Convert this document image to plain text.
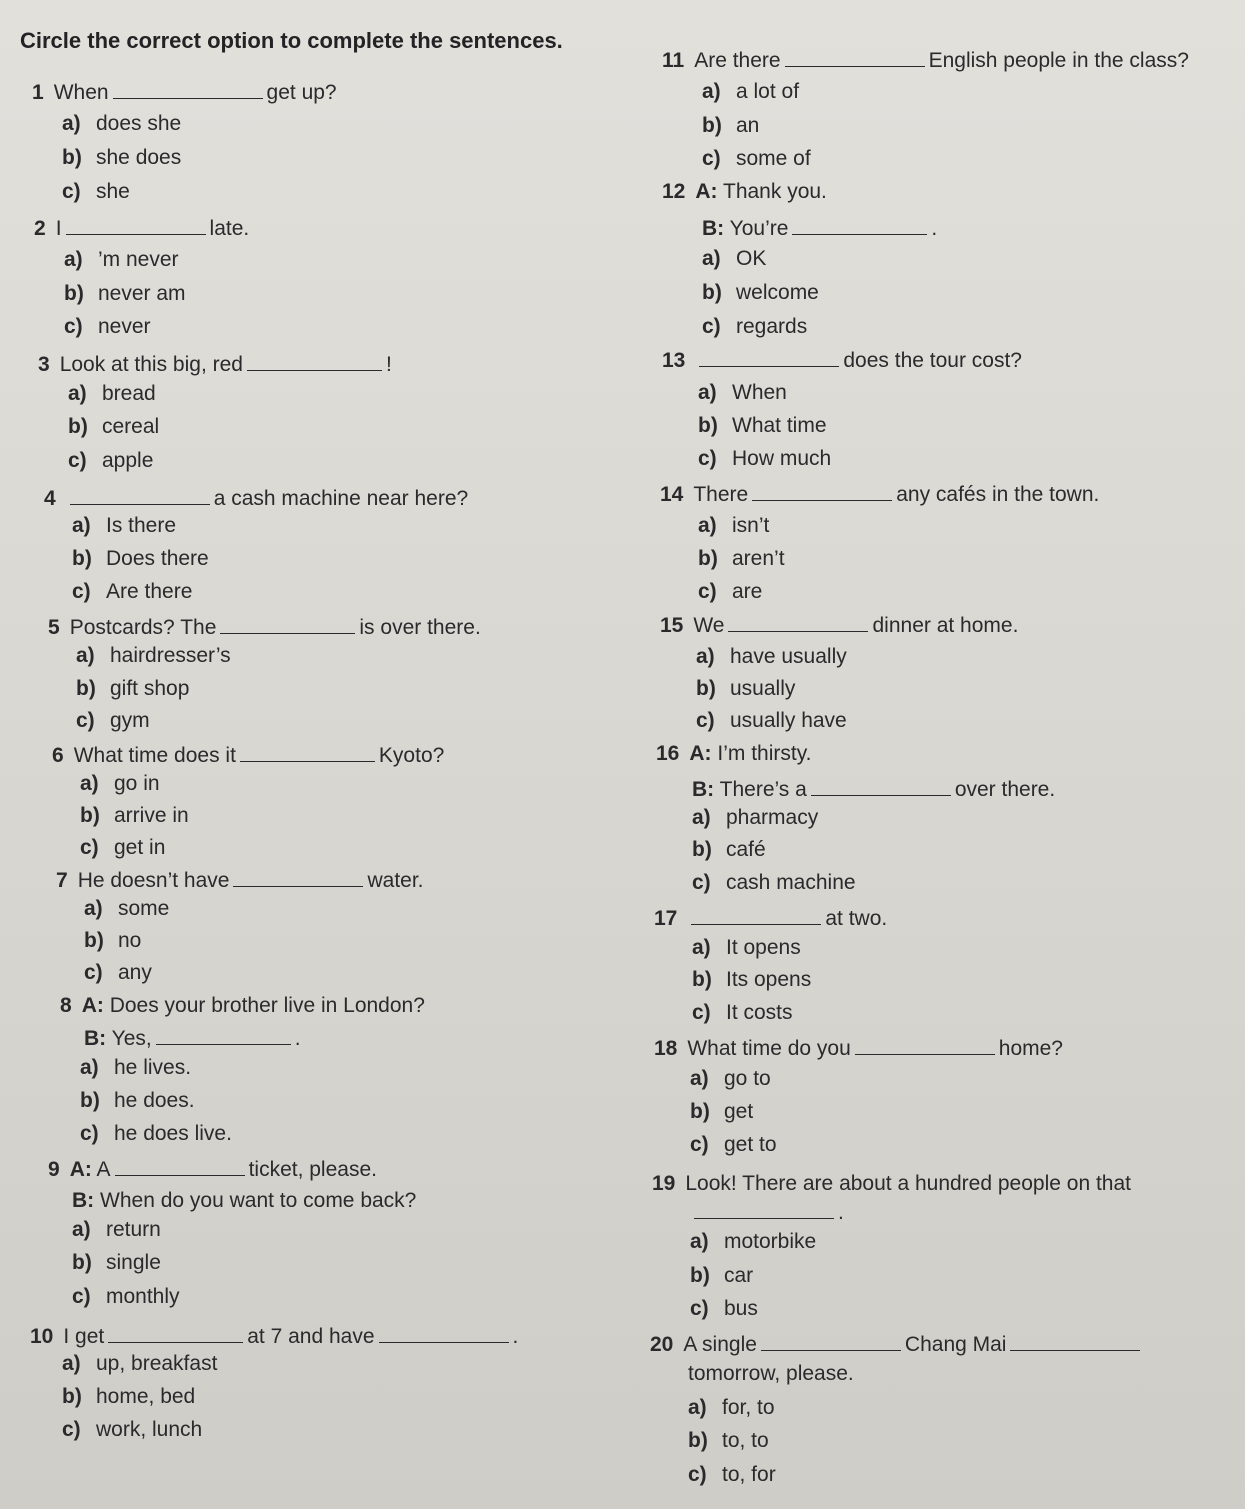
Circle the correct option to complete the sentences.
1 When	get up?
a) does she
b) she does
c) she
2 I	late.
a) ’m never
b) never am
c) never
3 Look at this big, red	!
a) bread
b) cereal
c) apple
4	a cash machine near here?
a) Is there
b) Does there
c) Are there
5 Postcards? The	is over there.
a) hairdresser’s
b) gift shop
c) gym
6 What time does it	Kyoto?
a) go in
b) arrive in
c) get in
7 He doesn’t have	water.
a) some
b) no
c) any
B: Yes,	.
8 A: Does your brother live in London?
a) he lives.
b) he does.
c) he does live.
B: When do you want to come back?
9 A: A	ticket, please.
a) return
b) single
c) monthly
10 I get	at 7 and have	.
a) up, breakfast
b) home, bed
c) work, lunch
11 Are there	English people in the class?
a) a lot of
b) an
c) some of
B: You’re	.
12 A: Thank you.
a) OK
b) welcome
c) regards
13	does the tour cost?
a) When
b) What time
c) How much
14 There	any cafés in the town.
a) isn’t
b) aren’t
c) are
15 We	dinner at home.
a) have usually
b) usually
c) usually have
B: There’s a	over there.
16 A: I’m thirsty.
a) pharmacy
b) café
c) cash machine
17	at two.
a) It opens
b) Its opens
c) It costs
18 What time do you	home?
a) go to
b) get
c) get to
.
19 Look! There are about a hundred people on that
a) motorbike
b) car
c) bus
tomorrow, please.
20 A single	Chang Mai
a) for, to
b) to, to
c) to, for
